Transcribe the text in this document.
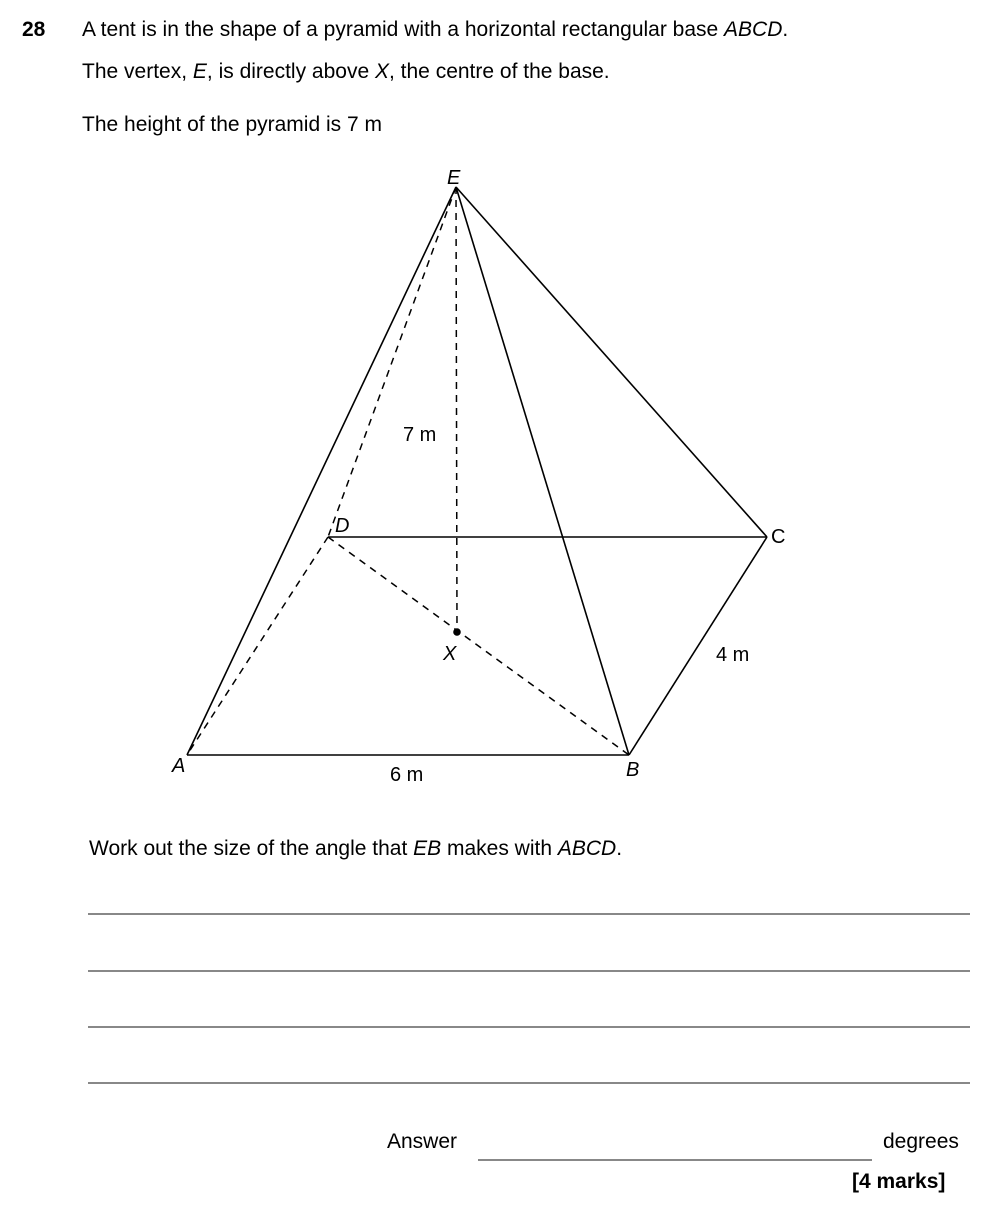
28 A tent is in the shape of a pyramid with a horizontal rectangular base ABCD.
The vertex, E, is directly above X, the centre of the base.
The height of the pyramid is 7 m
E
D	C
X
A	B
7 m
6 m
4 m
Work out the size of the angle that EB makes with ABCD.
Answer	degrees
[4 marks]
